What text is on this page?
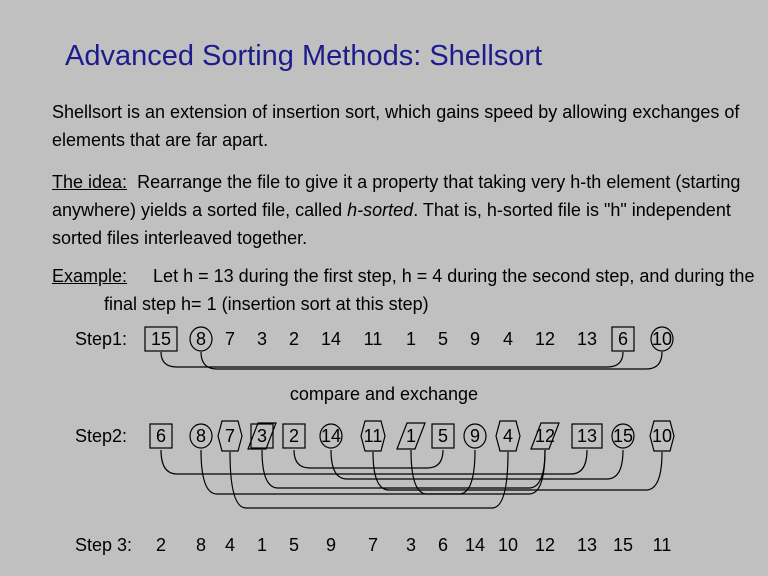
Advanced Sorting Methods: Shellsort

Shellsort is an extension of insertion sort, which gains speed by allowing exchanges of elements that are far apart.

The idea:  Rearrange the file to give it a property that taking very h-th element (starting anywhere) yields a sorted file, called h-sorted. That is, h-sorted file is "h" independent sorted files interleaved together.

Example: Let h = 13 during the first step, h = 4 during the second step, and during the final step h= 1 (insertion sort at this step)

Step1:
Step2:
Step 3:
15 8 7 3 2 14 11 1 5 9 4 12 13 6 10
6 8 7 3 2 14 11 1 5 9 4 12 13 15 10
2 8 4 1 5 9 7 3 6 14 10 12 13 15 11
compare and exchange
